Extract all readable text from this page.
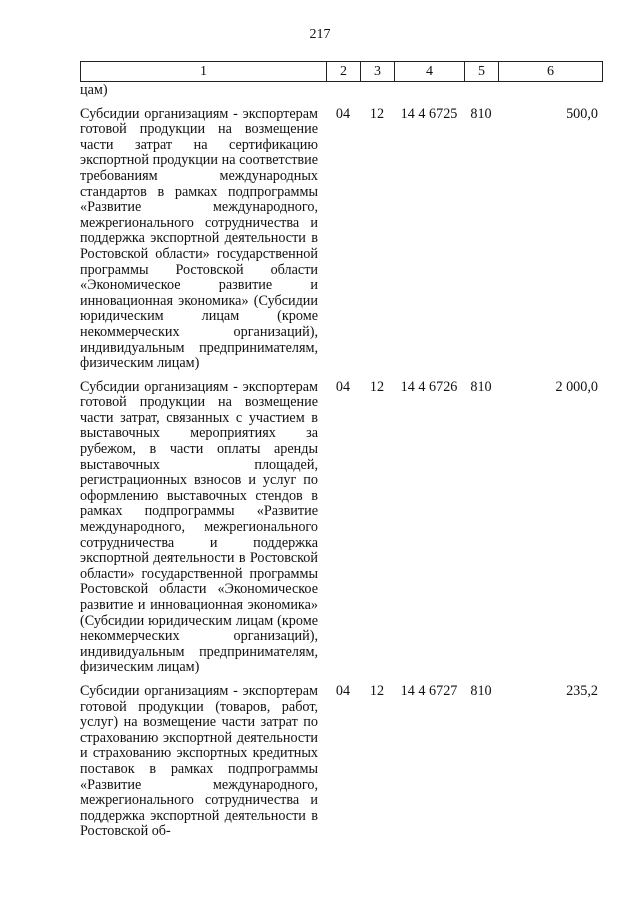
217
1	2	3	4	5	6
цам)					

Субсидии организациям - экспортерам готовой продукции на возмещение части затрат на сертификацию экспортной продукции на соответствие требованиям международных стандартов в рамках подпрограммы «Развитие международного, межрегионального сотрудничества и поддержка экспортной деятельности в Ростовской области» государственной программы Ростовской области «Экономическое развитие и инновационная экономика» (Субсидии юридическим лицам (кроме некоммерческих организаций), индивидуальным предпринимателям, физическим лицам)	04	12	14 4 6725	810	500,0

Субсидии организациям - экспортерам готовой продукции на возмещение части затрат, связанных с участием в выставочных мероприятиях за рубежом, в части оплаты аренды выставочных площадей, регистрационных взносов и услуг по оформлению выставочных стендов в рамках подпрограммы «Развитие международного, межрегионального сотрудничества и поддержка экспортной деятельности в Ростовской области» государственной программы Ростовской области «Экономическое развитие и инновационная экономика» (Субсидии юридическим лицам (кроме некоммерческих организаций), индивидуальным предпринимателям, физическим лицам)	04	12	14 4 6726	810	2 000,0

Субсидии организациям - экспортерам готовой продукции (товаров, работ, услуг) на возмещение части затрат по страхованию экспортной деятельности и страхованию экспортных кредитных поставок в рамках подпрограммы «Развитие международного, межрегионального сотрудничества и поддержка экспортной деятельности в Ростовской об-	04	12	14 4 6727	810	235,2
